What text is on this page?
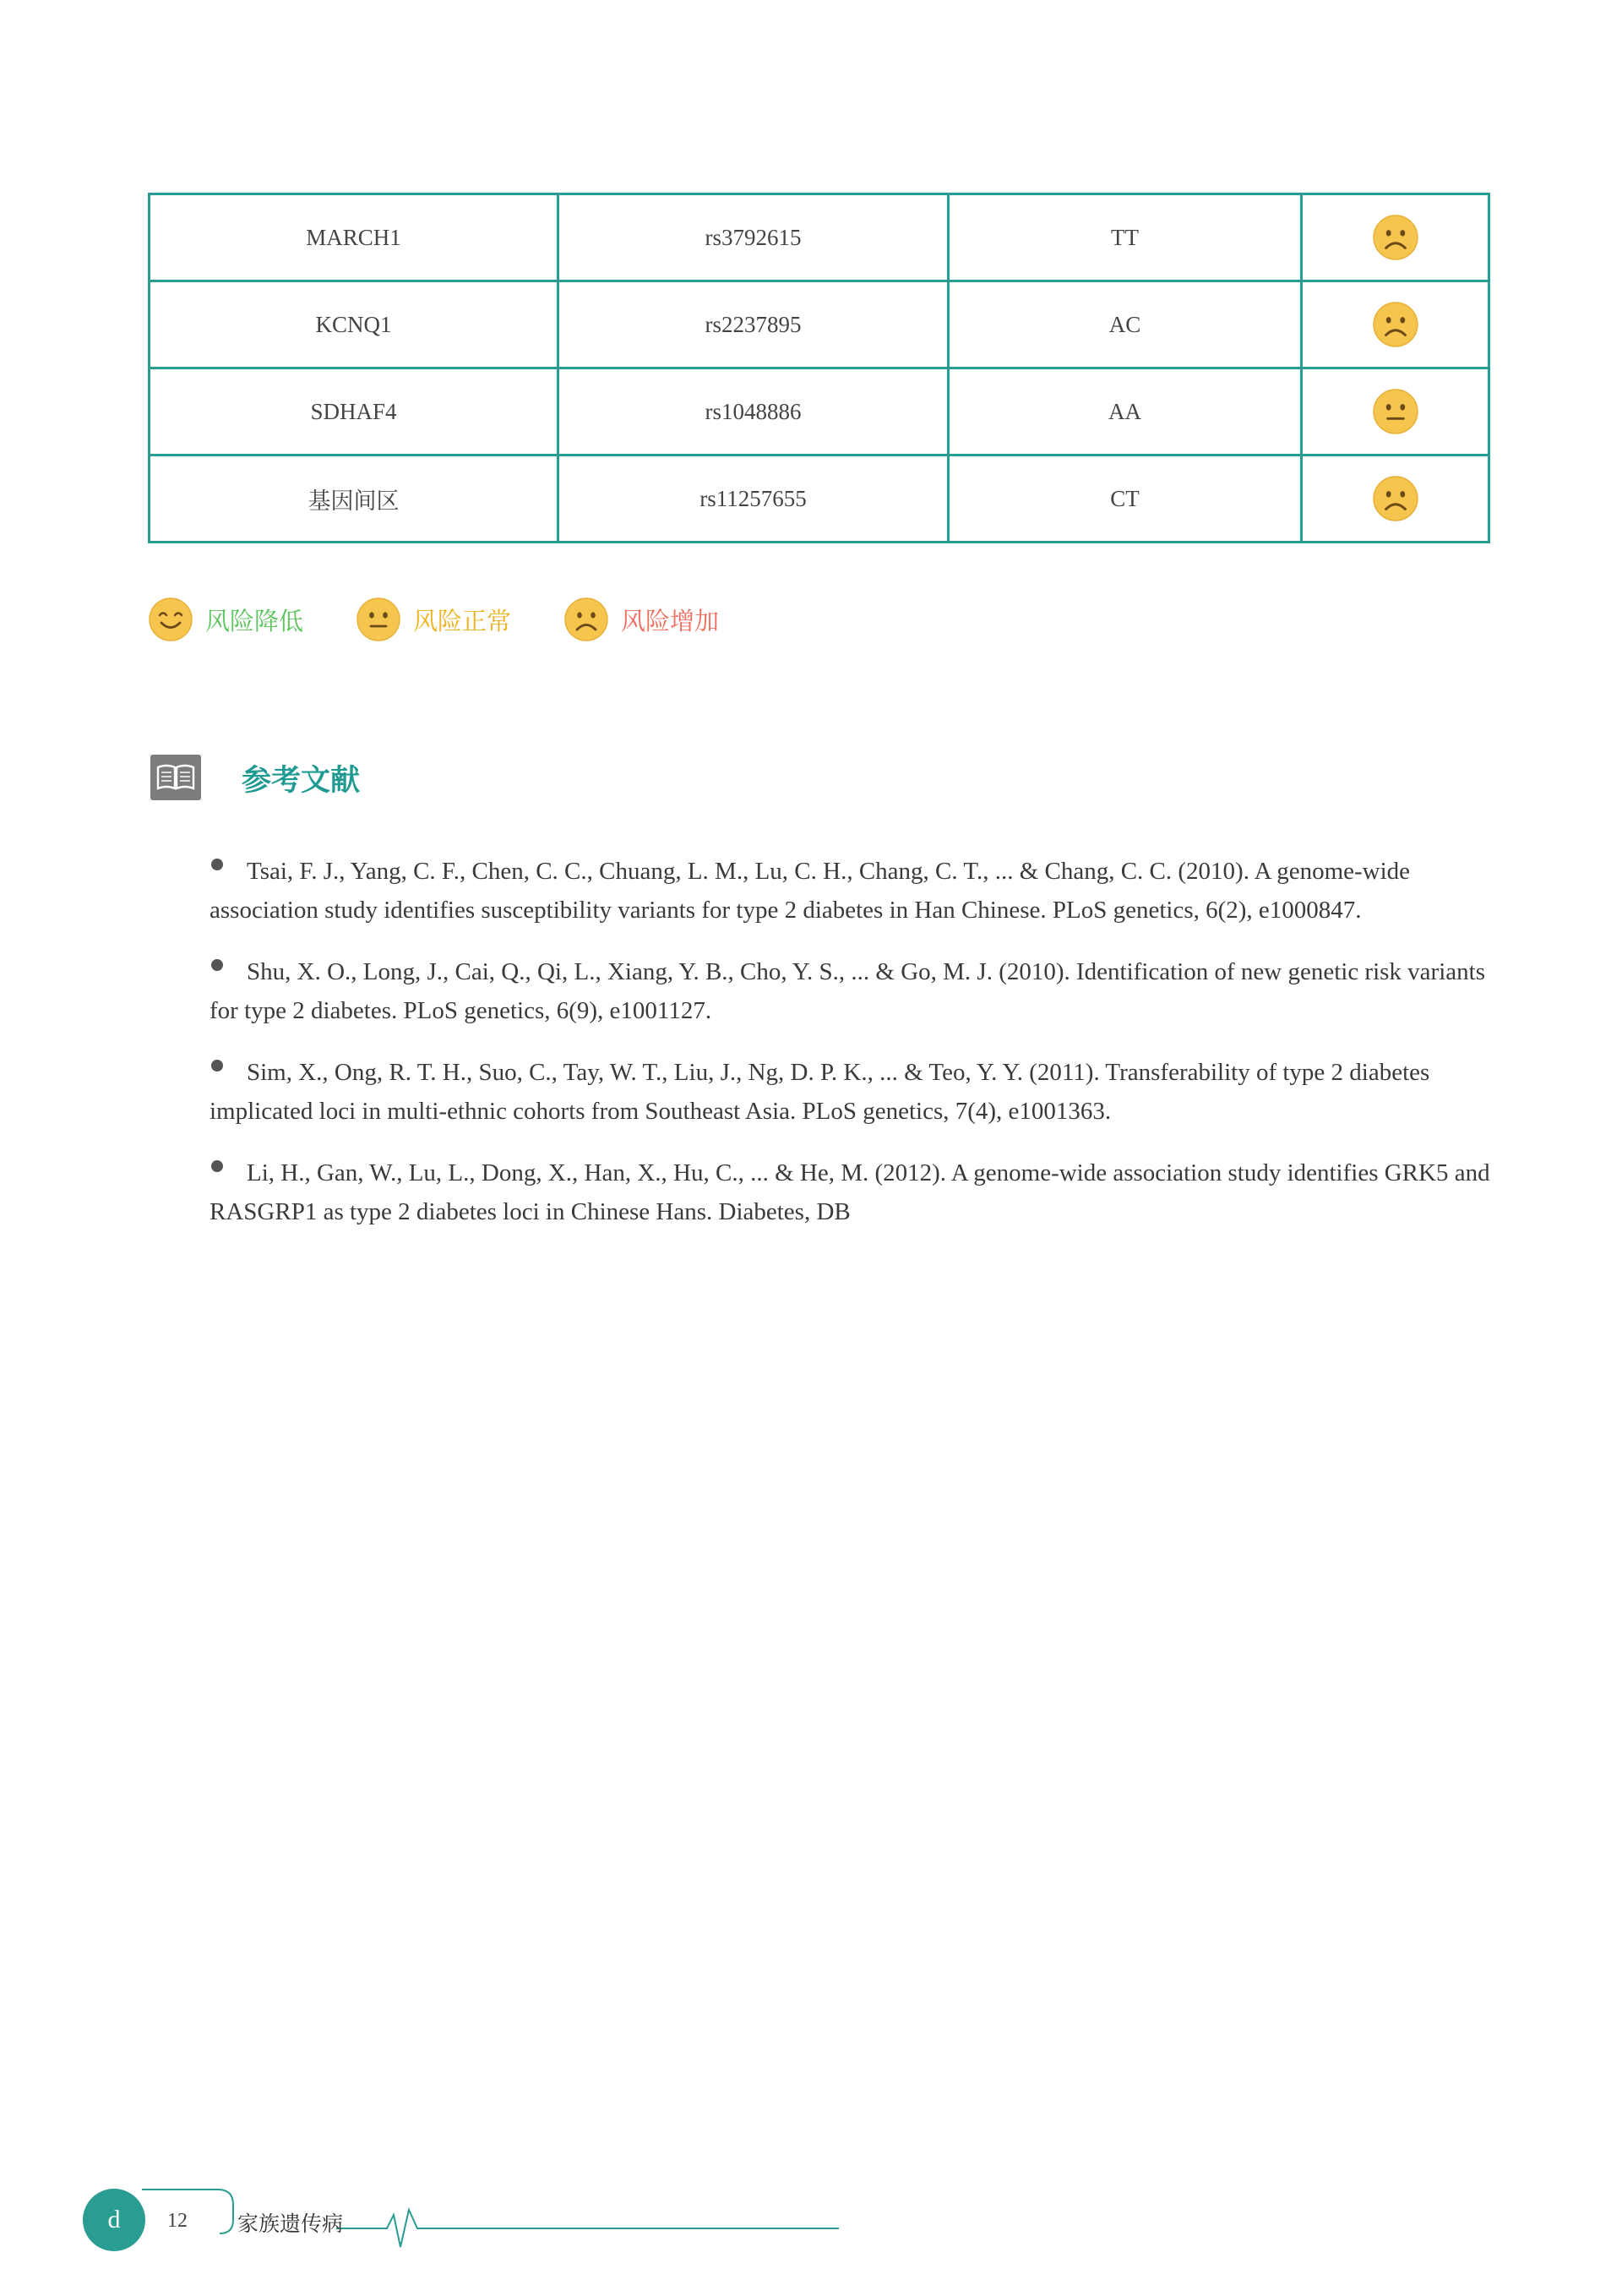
MARCH1	rs3792615	TT	
KCNQ1	rs2237895	AC	
SDHAF4	rs1048886	AA	
基因间区	rs11257655	CT	
风险降低	风险正常	风险增加
参考文献
Tsai, F. J., Yang, C. F., Chen, C. C., Chuang, L. M., Lu, C. H., Chang, C. T., ... & Chang, C. C. (2010). A genome-wide association study identifies susceptibility variants for type 2 diabetes in Han Chinese. PLoS genetics, 6(2), e1000847.
Shu, X. O., Long, J., Cai, Q., Qi, L., Xiang, Y. B., Cho, Y. S., ... & Go, M. J. (2010). Identification of new genetic risk variants for type 2 diabetes. PLoS genetics, 6(9), e1001127.
Sim, X., Ong, R. T. H., Suo, C., Tay, W. T., Liu, J., Ng, D. P. K., ... & Teo, Y. Y. (2011). Transferability of type 2 diabetes implicated loci in multi-ethnic cohorts from Southeast Asia. PLoS genetics, 7(4), e1001363.
Li, H., Gan, W., Lu, L., Dong, X., Han, X., Hu, C., ... & He, M. (2012). A genome-wide association study identifies GRK5 and RASGRP1 as type 2 diabetes loci in Chinese Hans. Diabetes, DB
d	12 家族遗传病
